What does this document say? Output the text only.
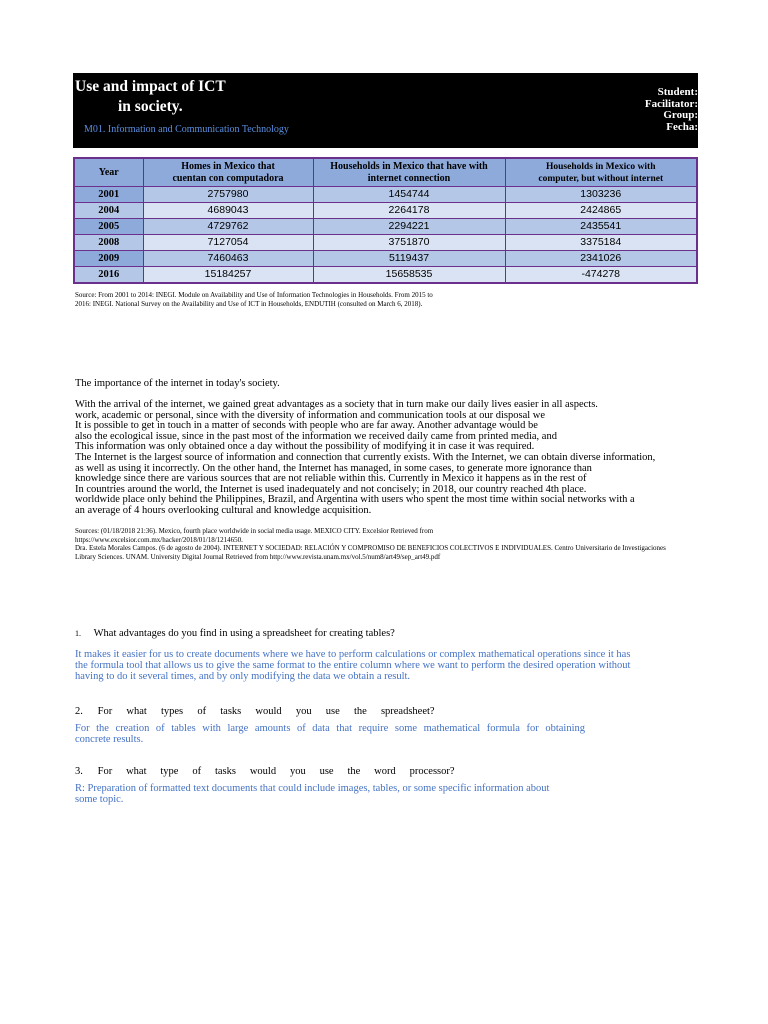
Use and impact of ICT
in society.
M01. Information and Communication Technology
Student:
Facilitator:
Group:
Fecha:
Year	Homes in Mexico that cuentan con computadora	Households in Mexico that have with internet connection	Households in Mexico with computer, but without internet

2001	2757980	1454744	1303236
2004	4689043	2264178	2424865
2005	4729762	2294221	2435541
2008	7127054	3751870	3375184
2009	7460463	5119437	2341026
2016	15184257	15658535	-474278
Source: From 2001 to 2014: INEGI. Module on Availability and Use of Information Technologies in Households. From 2015 to
2016: INEGI. National Survey on the Availability and Use of ICT in Households, ENDUTIH (consulted on March 6, 2018).
The importance of the internet in today's society.
With the arrival of the internet, we gained great advantages as a society that in turn make our daily lives easier in all aspects.
work, academic or personal, since with the diversity of information and communication tools at our disposal we
It is possible to get in touch in a matter of seconds with people who are far away. Another advantage would be
also the ecological issue, since in the past most of the information we received daily came from printed media, and
This information was only obtained once a day without the possibility of modifying it in case it was required.
The Internet is the largest source of information and connection that currently exists. With the Internet, we can obtain diverse information,
as well as using it incorrectly. On the other hand, the Internet has managed, in some cases, to generate more ignorance than
knowledge since there are various sources that are not reliable within this. Currently in Mexico it happens as in the rest of
In countries around the world, the Internet is used inadequately and not concisely; in 2018, our country reached 4th place.
worldwide place only behind the Philippines, Brazil, and Argentina with users who spent the most time within social networks with a
an average of 4 hours overlooking cultural and knowledge acquisition.
Sources: (01/18/2018 21:36). Mexico, fourth place worldwide in social media usage. MEXICO CITY. Excelsior Retrieved from
https://www.excelsior.com.mx/hacker/2018/01/18/1214650.
Dra. Estela Morales Campos. (6 de agosto de 2004). INTERNET Y SOCIEDAD: RELACIÓN Y COMPROMISO DE BENEFICIOS COLECTIVOS E INDIVIDUALES. Centro Universitario de Investigaciones
Library Sciences. UNAM. University Digital Journal Retrieved from http://www.revista.unam.mx/vol.5/num8/art49/sep_art49.pdf
1. What advantages do you find in using a spreadsheet for creating tables?
It makes it easier for us to create documents where we have to perform calculations or complex mathematical operations since it has
the formula tool that allows us to give the same format to the entire column where we want to perform the desired operation without
having to do it several times, and by only modifying the data we obtain a result.
2. For what types of tasks would you use the spreadsheet?
For the creation of tables with large amounts of data that require some mathematical formula for obtaining
concrete results.
3. For what type of tasks would you use the word processor?
R: Preparation of formatted text documents that could include images, tables, or some specific information about
some topic.
